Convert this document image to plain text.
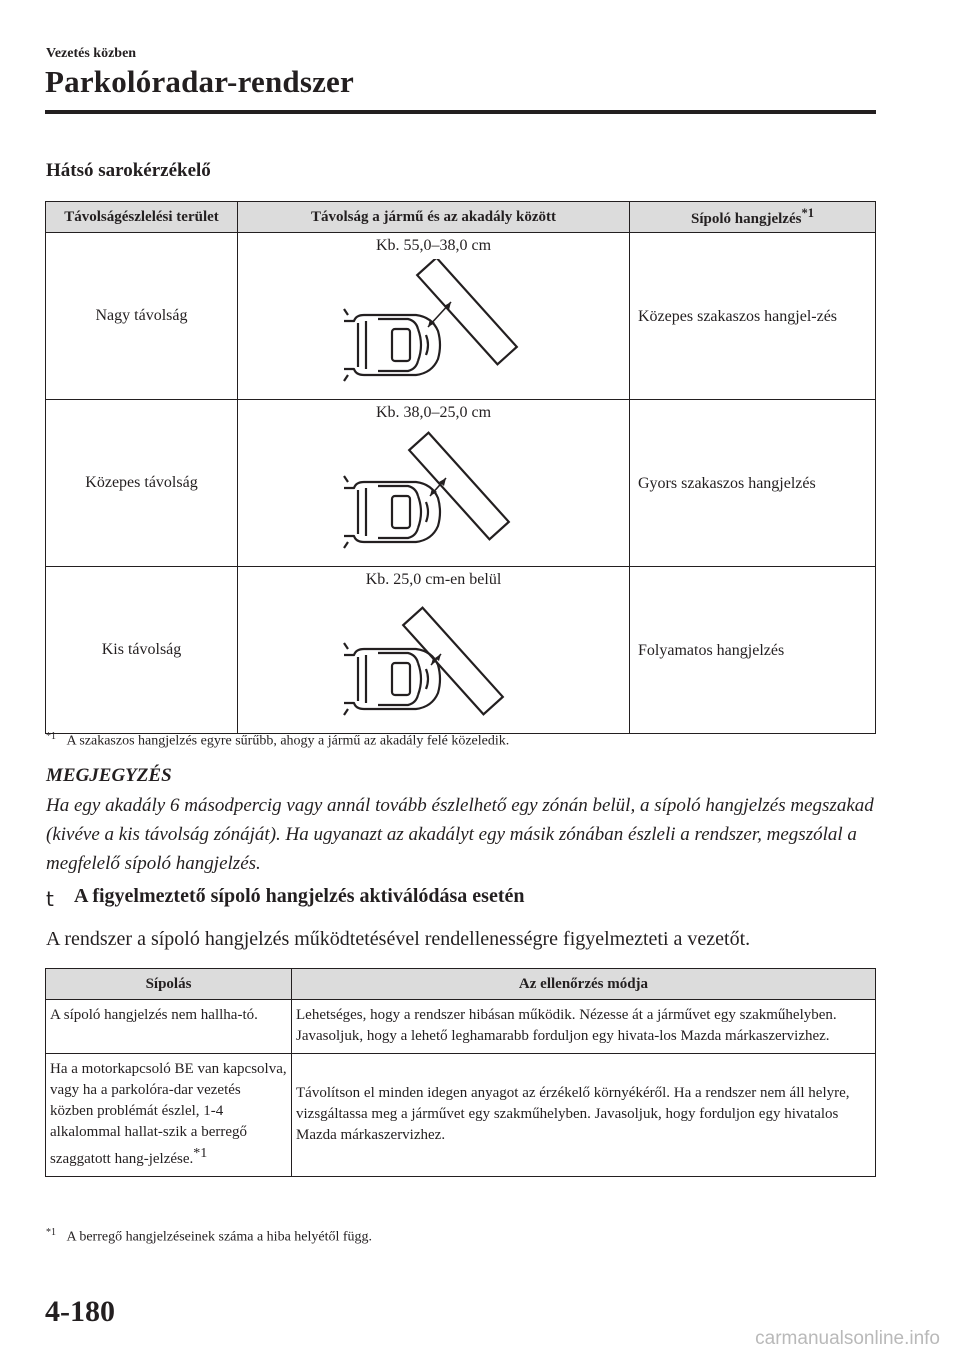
Vezetés közben
Parkolóradar-rendszer
Hátsó sarokérzékelő
Távolságészlelési terület	Távolság a jármű és az akadály között	Sípoló hangjelzés$^{*1}$
Nagy távolság	Kb. 55,0–38,0 cm	Közepes szakaszos hangjel-zés
Közepes távolság	Kb. 38,0–25,0 cm	Gyors szakaszos hangjelzés
Kis távolság	Kb. 25,0 cm-en belül	Folyamatos hangjelzés
$^{*1}$ A szakaszos hangjelzés egyre sűrűbb, ahogy a jármű az akadály felé közeledik.
MEGJEGYZÉS
Ha egy akadály 6 másodpercig vagy annál tovább észlelhető egy zónán belül, a sípoló hangjelzés megszakad (kivéve a kis távolság zónáját). Ha ugyanazt az akadályt egy másik zónában észleli a rendszer, megszólal a megfelelő sípoló hangjelzés.
t A figyelmeztető sípoló hangjelzés aktiválódása esetén
A rendszer a sípoló hangjelzés működtetésével rendellenességre figyelmezteti a vezetőt.
Sípolás	Az ellenőrzés módja
A sípoló hangjelzés nem hallha-tó.	Lehetséges, hogy a rendszer hibásan működik. Nézesse át a járművet egy szakműhelyben. Javasoljuk, hogy a lehető leghamarabb forduljon egy hivata-los Mazda márkaszervizhez.
Ha a motorkapcsoló BE van kapcsolva, vagy ha a parkolóra-dar vezetés közben problémát észlel, 1-4 alkalommal hallat-szik a berregő szaggatott hang-jelzése.$^{*1}$	Távolítson el minden idegen anyagot az érzékelő környékéről. Ha a rendszer nem áll helyre, vizsgáltassa meg a járművet egy szakműhelyben. Javasoljuk, hogy forduljon egy hivatalos Mazda márkaszervizhez.
$^{*1}$ A berregő hangjelzéseinek száma a hiba helyétől függ.
4-180
carmanualsonline.info
